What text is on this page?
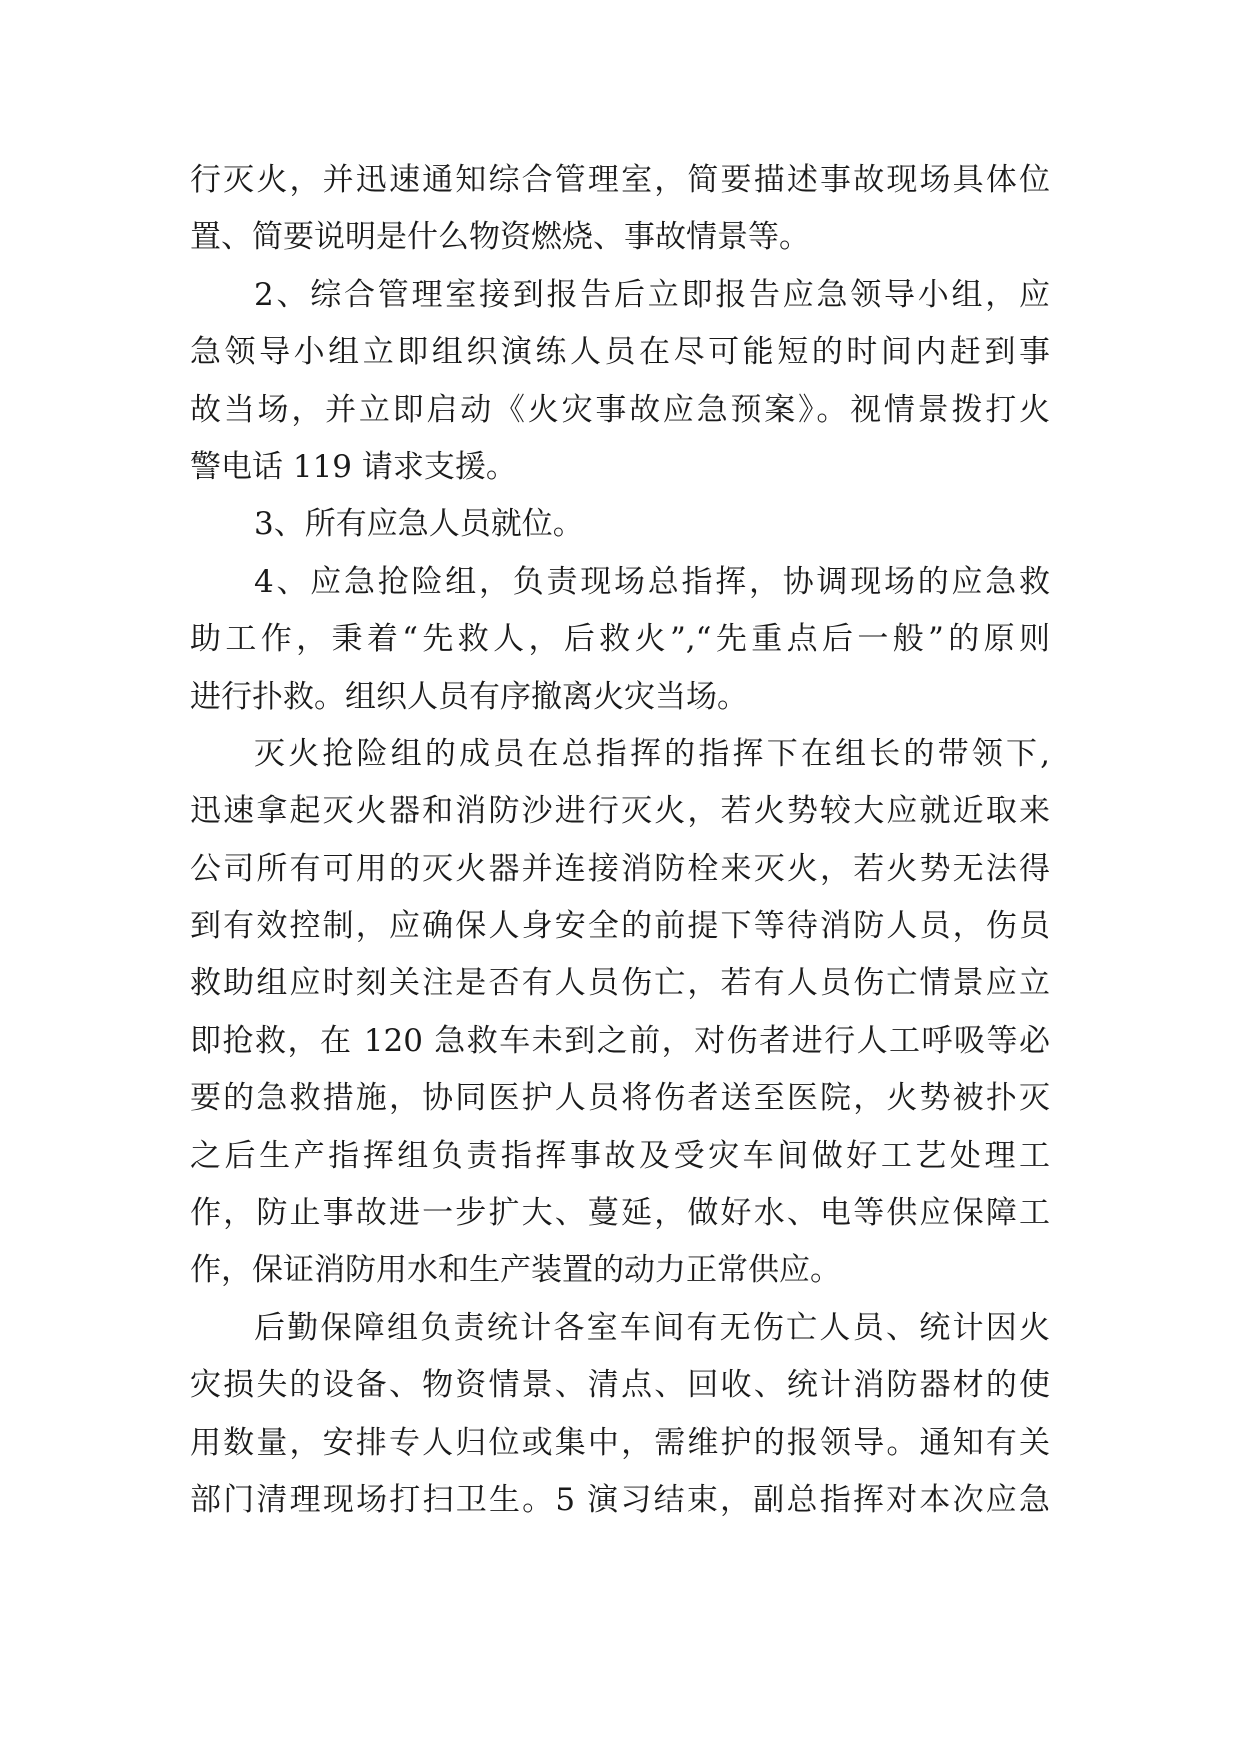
行灭火，并迅速通知综合管理室，简要描述事故现场具体位
置、简要说明是什么物资燃烧、事故情景等。
2、综合管理室接到报告后立即报告应急领导小组，应
急领导小组立即组织演练人员在尽可能短的时间内赶到事
故当场，并立即启动《火灾事故应急预案》。视情景拨打火
警电话 119 请求支援。
3、所有应急人员就位。
4、应急抢险组，负责现场总指挥，协调现场的应急救
助工作，秉着“先救人，后救火”,“先重点后一般”的原则
进行扑救。组织人员有序撤离火灾当场。
灭火抢险组的成员在总指挥的指挥下在组长的带领下,
迅速拿起灭火器和消防沙进行灭火，若火势较大应就近取来
公司所有可用的灭火器并连接消防栓来灭火，若火势无法得
到有效控制，应确保人身安全的前提下等待消防人员，伤员
救助组应时刻关注是否有人员伤亡，若有人员伤亡情景应立
即抢救，在 120 急救车未到之前，对伤者进行人工呼吸等必
要的急救措施，协同医护人员将伤者送至医院，火势被扑灭
之后生产指挥组负责指挥事故及受灾车间做好工艺处理工
作，防止事故进一步扩大、蔓延，做好水、电等供应保障工
作，保证消防用水和生产装置的动力正常供应。
后勤保障组负责统计各室车间有无伤亡人员、统计因火
灾损失的设备、物资情景、清点、回收、统计消防器材的使
用数量，安排专人归位或集中，需维护的报领导。通知有关
部门清理现场打扫卫生。5 演习结束，副总指挥对本次应急
